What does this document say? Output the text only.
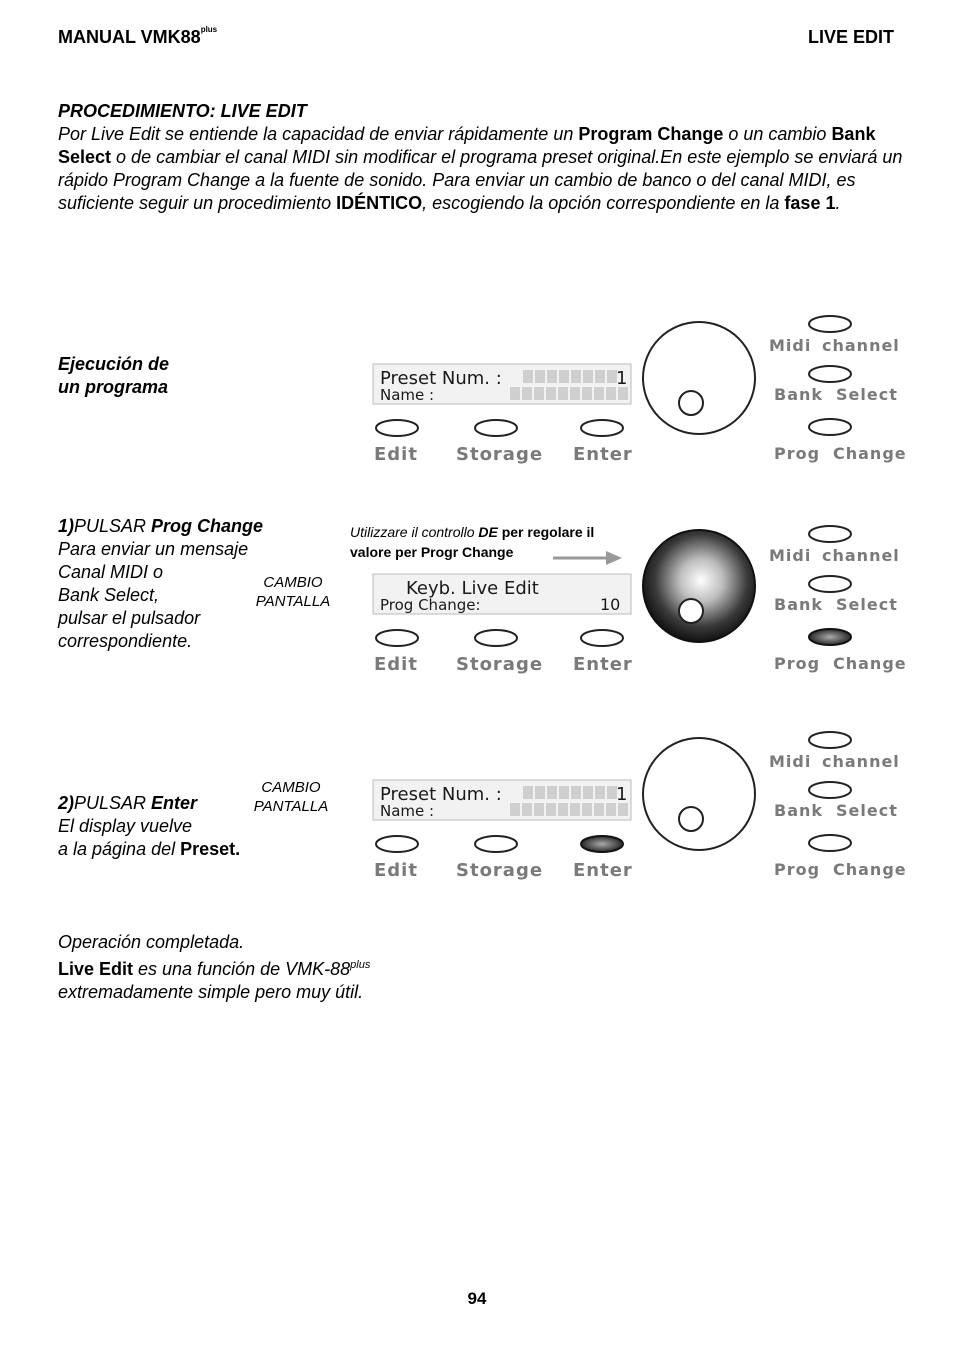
MANUAL $VMK88^{plus}$	LIVE EDIT
PROCEDIMIENTO: LIVE EDIT
Por Live Edit se entiende la capacidad de enviar rápidamente un Program Change o un cambio Bank Select o de cambiar el canal MIDI sin modificar el programa preset original.En este ejemplo se enviará un rápido Program Change a la fuente de sonido. Para enviar un cambio de banco o del canal MIDI, es suficiente seguir un procedimiento IDÉNTICO, escogiendo la opción correspondiente en la fase 1.
Ejecución de
un programa
1)PULSAR Prog Change
Para enviar un mensaje
Canal MIDI o
Bank Select,
pulsar el pulsador
correspondiente.
CAMBIO
PANTALLA
Utilizzare il controllo DE per regolare il
valore per Progr Change
CAMBIO
PANTALLA
2)PULSAR Enter
El display vuelve
a la página del Preset.
Preset Num. :	1
Name :
Edit Storage Enter
Midi channel
Bank Select
Prog Change
Keyb. Live Edit
Prog Change:	10
Edit Storage Enter
Midi channel
Bank Select
Prog Change
Preset Num. :	1
Name :
Edit Storage Enter
Midi channel
Bank Select
Prog Change
Operación completada.
Live Edit es una función de VMK-$88^{plus}$
extremadamente simple pero muy útil.
94
